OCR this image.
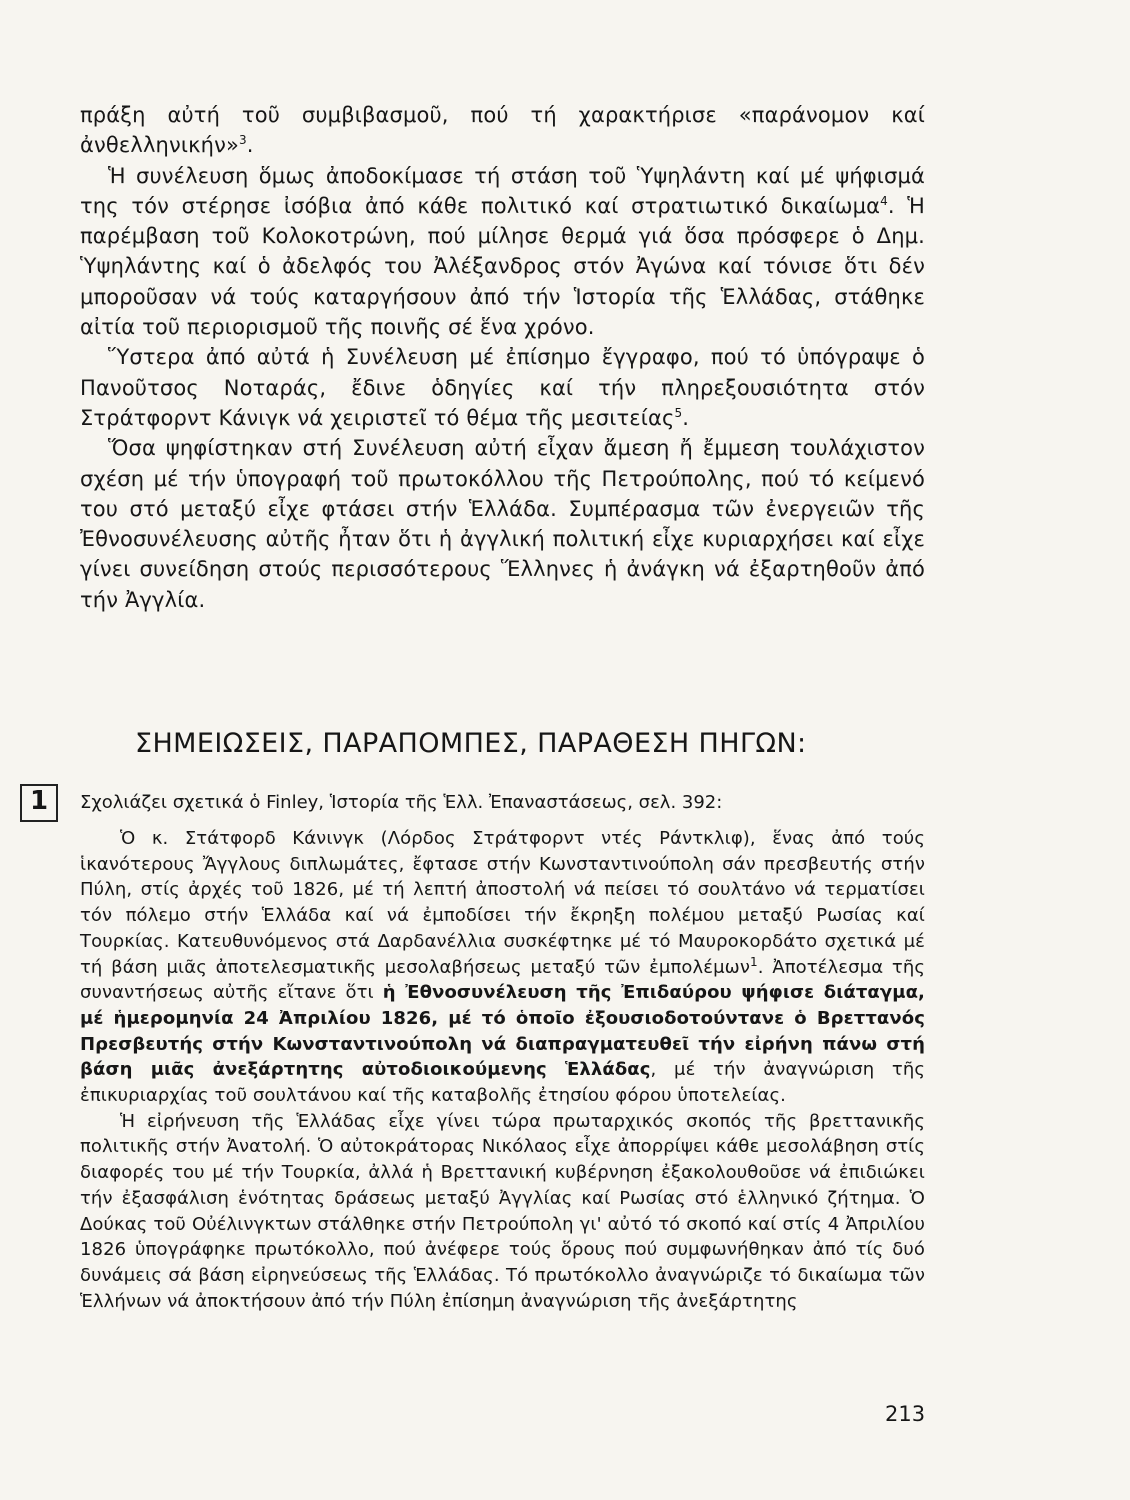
πράξη αὐτή τοῦ συμβιβασμοῦ, πού τή χαρακτήρισε «παράνομον καί ἀνθελληνικήν»$^3$.

Ἡ συνέλευση ὅμως ἀποδοκίμασε τή στάση τοῦ Ὑψηλάντη καί μέ ψήφισμά της τόν στέρησε ἰσόβια ἀπό κάθε πολιτικό καί στρατιωτικό δικαίωμα$^4$. Ἡ παρέμβαση τοῦ Κολοκοτρώνη, πού μίλησε θερμά γιά ὅσα πρόσφερε ὁ Δημ. Ὑψηλάντης καί ὁ ἀδελφός του Ἀλέξανδρος στόν Ἀγώνα καί τόνισε ὅτι δέν μποροῦσαν νά τούς καταργήσουν ἀπό τήν Ἱστορία τῆς Ἑλλάδας, στάθηκε αἰτία τοῦ περιορισμοῦ τῆς ποινῆς σέ ἕνα χρόνο.

Ὕστερα ἀπό αὐτά ἡ Συνέλευση μέ ἐπίσημο ἔγγραφο, πού τό ὑπόγραψε ὁ Πανοῦτσος Νοταράς, ἔδινε ὁδηγίες καί τήν πληρεξουσιότητα στόν Στράτφορντ Κάνιγκ νά χειριστεῖ τό θέμα τῆς μεσιτείας$^5$.

Ὅσα ψηφίστηκαν στή Συνέλευση αὐτή εἶχαν ἄμεση ἤ ἔμμεση τουλάχιστον σχέση μέ τήν ὑπογραφή τοῦ πρωτοκόλλου τῆς Πετρούπολης, πού τό κείμενό του στό μεταξύ εἶχε φτάσει στήν Ἑλλάδα. Συμπέρασμα τῶν ἐνεργειῶν τῆς Ἐθνοσυνέλευσης αὐτῆς ἦταν ὅτι ἡ ἀγγλική πολιτική εἶχε κυριαρχήσει καί εἶχε γίνει συνείδηση στούς περισσότερους Ἕλληνες ἡ ἀνάγκη νά ἐξαρτηθοῦν ἀπό τήν Ἀγγλία.

ΣΗΜΕΙΩΣΕΙΣ, ΠΑΡΑΠΟΜΠΕΣ, ΠΑΡΑΘΕΣΗ ΠΗΓΩΝ:
1 Σχολιάζει σχετικά ὁ Finley, Ἱστορία τῆς Ἑλλ. Ἐπαναστάσεως, σελ. 392:

Ὁ κ. Στάτφορδ Κάνινγκ (Λόρδος Στράτφορντ ντές Ράντκλιφ), ἕνας ἀπό τούς ἱκανότερους Ἄγγλους διπλωμάτες, ἔφτασε στήν Κωνσταντινούπολη σάν πρεσβευτής στήν Πύλη, στίς ἀρχές τοῦ 1826, μέ τή λεπτή ἀποστολή νά πείσει τό σουλτάνο νά τερματίσει τόν πόλεμο στήν Ἑλλάδα καί νά ἐμποδίσει τήν ἔκρηξη πολέμου μεταξύ Ρωσίας καί Τουρκίας. Κατευθυνόμενος στά Δαρδανέλλια συσκέφτηκε μέ τό Μαυροκορδάτο σχετικά μέ τή βάση μιᾶς ἀποτελεσματικῆς μεσολαβήσεως μεταξύ τῶν ἐμπολέμων$^1$. Ἀποτέλεσμα τῆς συναντήσεως αὐτῆς εἴτανε ὅτι ἡ Ἐθνοσυνέλευση τῆς Ἐπιδαύρου ψήφισε διάταγμα, μέ ἡμερομηνία 24 Ἀπριλίου 1826, μέ τό ὁποῖο ἐξουσιοδοτούντανε ὁ Βρεττανός Πρεσβευτής στήν Κωνσταντινούπολη νά διαπραγματευθεῖ τήν εἰρήνη πάνω στή βάση μιᾶς ἀνεξάρτητης αὐτοδιοικούμενης Ἑλλάδας, μέ τήν ἀναγνώριση τῆς ἐπικυριαρχίας τοῦ σουλτάνου καί τῆς καταβολῆς ἐτησίου φόρου ὑποτελείας.

Ἡ εἰρήνευση τῆς Ἑλλάδας εἶχε γίνει τώρα πρωταρχικός σκοπός τῆς βρεττανικῆς πολιτικῆς στήν Ἀνατολή. Ὁ αὐτοκράτορας Νικόλαος εἶχε ἀπορρίψει κάθε μεσολάβηση στίς διαφορές του μέ τήν Τουρκία, ἀλλά ἡ Βρεττανική κυβέρνηση ἐξακολουθοῦσε νά ἐπιδιώκει τήν ἐξασφάλιση ἑνότητας δράσεως μεταξύ Ἀγγλίας καί Ρωσίας στό ἑλληνικό ζήτημα. Ὁ Δούκας τοῦ Οὐέλινγκτων στάλθηκε στήν Πετρούπολη γι' αὐτό τό σκοπό καί στίς 4 Ἀπριλίου 1826 ὑπογράφηκε πρωτόκολλο, πού ἀνέφερε τούς ὅρους πού συμφωνήθηκαν ἀπό τίς δυό δυνάμεις σά βάση εἰρηνεύσεως τῆς Ἑλλάδας. Τό πρωτόκολλο ἀναγνώριζε τό δικαίωμα τῶν Ἑλλήνων νά ἀποκτήσουν ἀπό τήν Πύλη ἐπίσημη ἀναγνώριση τῆς ἀνεξάρτητης

213
